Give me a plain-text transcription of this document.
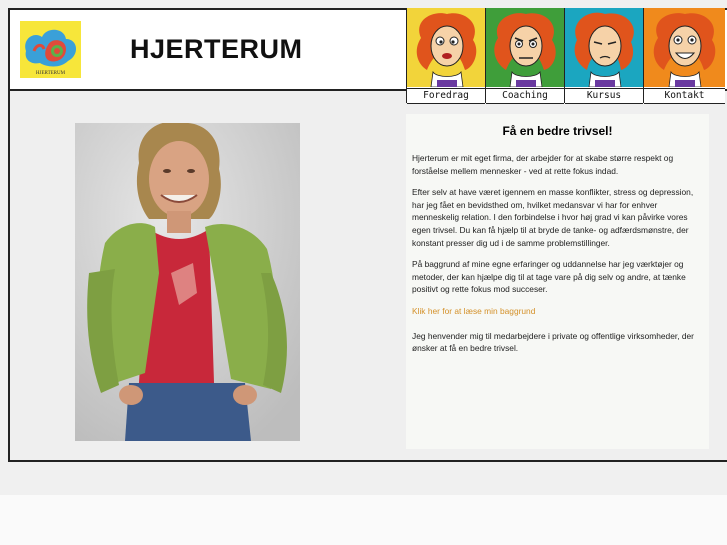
HJERTERUM
HJERTERUM
Foredrag	Coaching	Kursus	Kontakt
Få en bedre trivsel!

Hjerterum er mit eget firma, der arbejder for at skabe større respekt og forståelse mellem mennesker - ved at rette fokus indad.

Efter selv at have været igennem en masse konflikter, stress og depression, har jeg fået en bevidsthed om, hvilket medansvar vi har for enhver menneskelig relation. I den forbindelse i hvor høj grad vi kan påvirke vores egen trivsel. Du kan få hjælp til at bryde de tanke- og adfærdsmønstre, der konstant presser dig ud i de samme problemstillinger.

På baggrund af mine egne erfaringer og uddannelse har jeg værktøjer og metoder, der kan hjælpe dig til at tage vare på dig selv og andre, at tænke positivt og rette fokus mod succeser.

Klik her for at læse min baggrund

Jeg henvender mig til medarbejdere i private og offentlige virksomheder, der ønsker at få en bedre trivsel.
